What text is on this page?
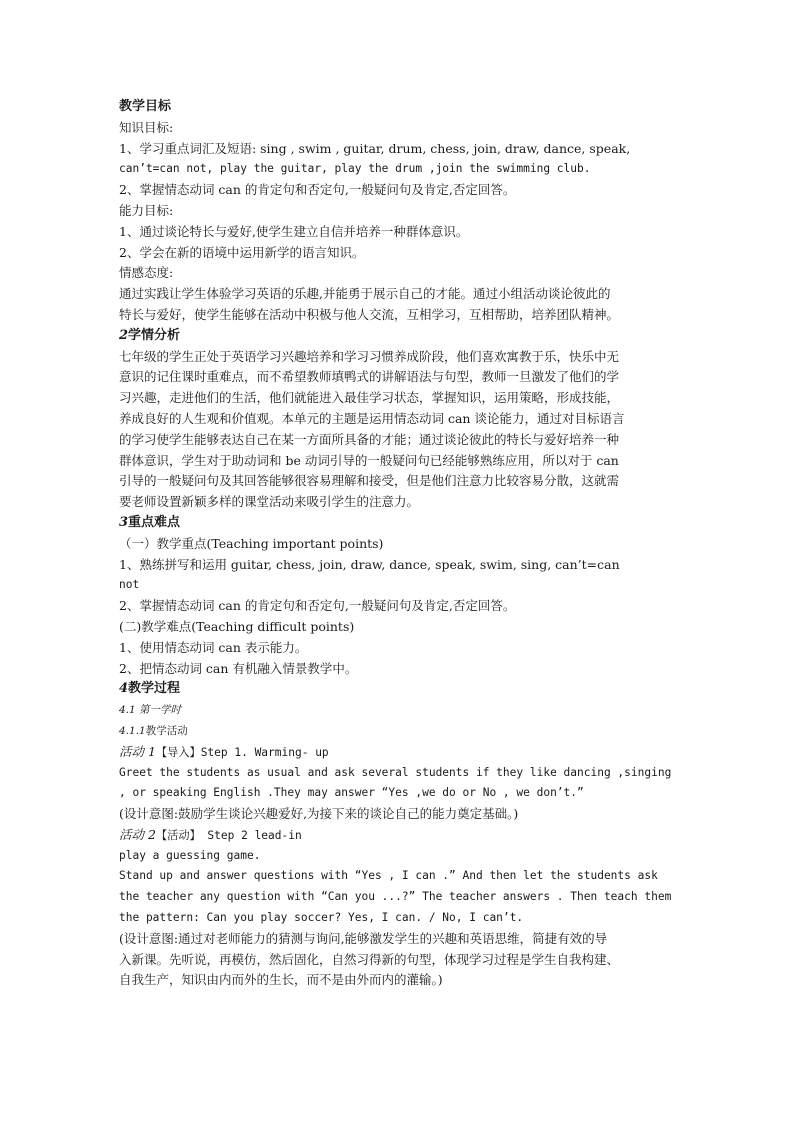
教学目标
知识目标:
1、学习重点词汇及短语: sing , swim , guitar, drum, chess, join, draw, dance, speak,
can’t=can not, play the guitar, play the drum ,join the swimming club.
2、掌握情态动词 can 的肯定句和否定句,一般疑问句及肯定,否定回答。
能力目标:
1、通过谈论特长与爱好,使学生建立自信并培养一种群体意识。
2、学会在新的语境中运用新学的语言知识。
情感态度:
通过实践让学生体验学习英语的乐趣,并能勇于展示自己的才能。通过小组活动谈论彼此的
特长与爱好，使学生能够在活动中积极与他人交流，互相学习，互相帮助，培养团队精神。
2学情分析
七年级的学生正处于英语学习兴趣培养和学习习惯养成阶段，他们喜欢寓教于乐，快乐中无
意识的记住课时重难点，而不希望教师填鸭式的讲解语法与句型，教师一旦激发了他们的学
习兴趣，走进他们的生活，他们就能进入最佳学习状态，掌握知识，运用策略，形成技能，
养成良好的人生观和价值观。本单元的主题是运用情态动词 can 谈论能力，通过对目标语言
的学习使学生能够表达自己在某一方面所具备的才能；通过谈论彼此的特长与爱好培养一种
群体意识，学生对于助动词和 be 动词引导的一般疑问句已经能够熟练应用，所以对于 can
引导的一般疑问句及其回答能够很容易理解和接受，但是他们注意力比较容易分散，这就需
要老师设置新颖多样的课堂活动来吸引学生的注意力。
3重点难点
（一）教学重点(Teaching important points)
1、熟练拼写和运用 guitar, chess, join, draw, dance, speak, swim, sing, can’t=can
not
2、掌握情态动词 can 的肯定句和否定句,一般疑问句及肯定,否定回答。
(二)教学难点(Teaching difficult points)
1、使用情态动词 can 表示能力。
2、把情态动词 can 有机融入情景教学中。
4教学过程
4.1 第一学时
4.1.1教学活动
活动 1【导入】Step 1. Warming- up
Greet the students as usual and ask several students if they like dancing ,singing
, or speaking English .They may answer “Yes ,we do or No , we don’t.”
(设计意图:鼓励学生谈论兴趣爱好,为接下来的谈论自己的能力奠定基础。)
活动 2【活动】 Step 2 lead-in
play a guessing game.
Stand up and answer questions with “Yes , I can .” And then let the students ask
the teacher any question with “Can you ...?” The teacher answers . Then teach them
the pattern: Can you play soccer? Yes, I can. / No, I can’t.
(设计意图:通过对老师能力的猜测与询问,能够激发学生的兴趣和英语思维，简捷有效的导
入新课。先听说，再模仿，然后固化，自然习得新的句型，体现学习过程是学生自我构建、
自我生产，知识由内而外的生长，而不是由外而内的灌输。)
